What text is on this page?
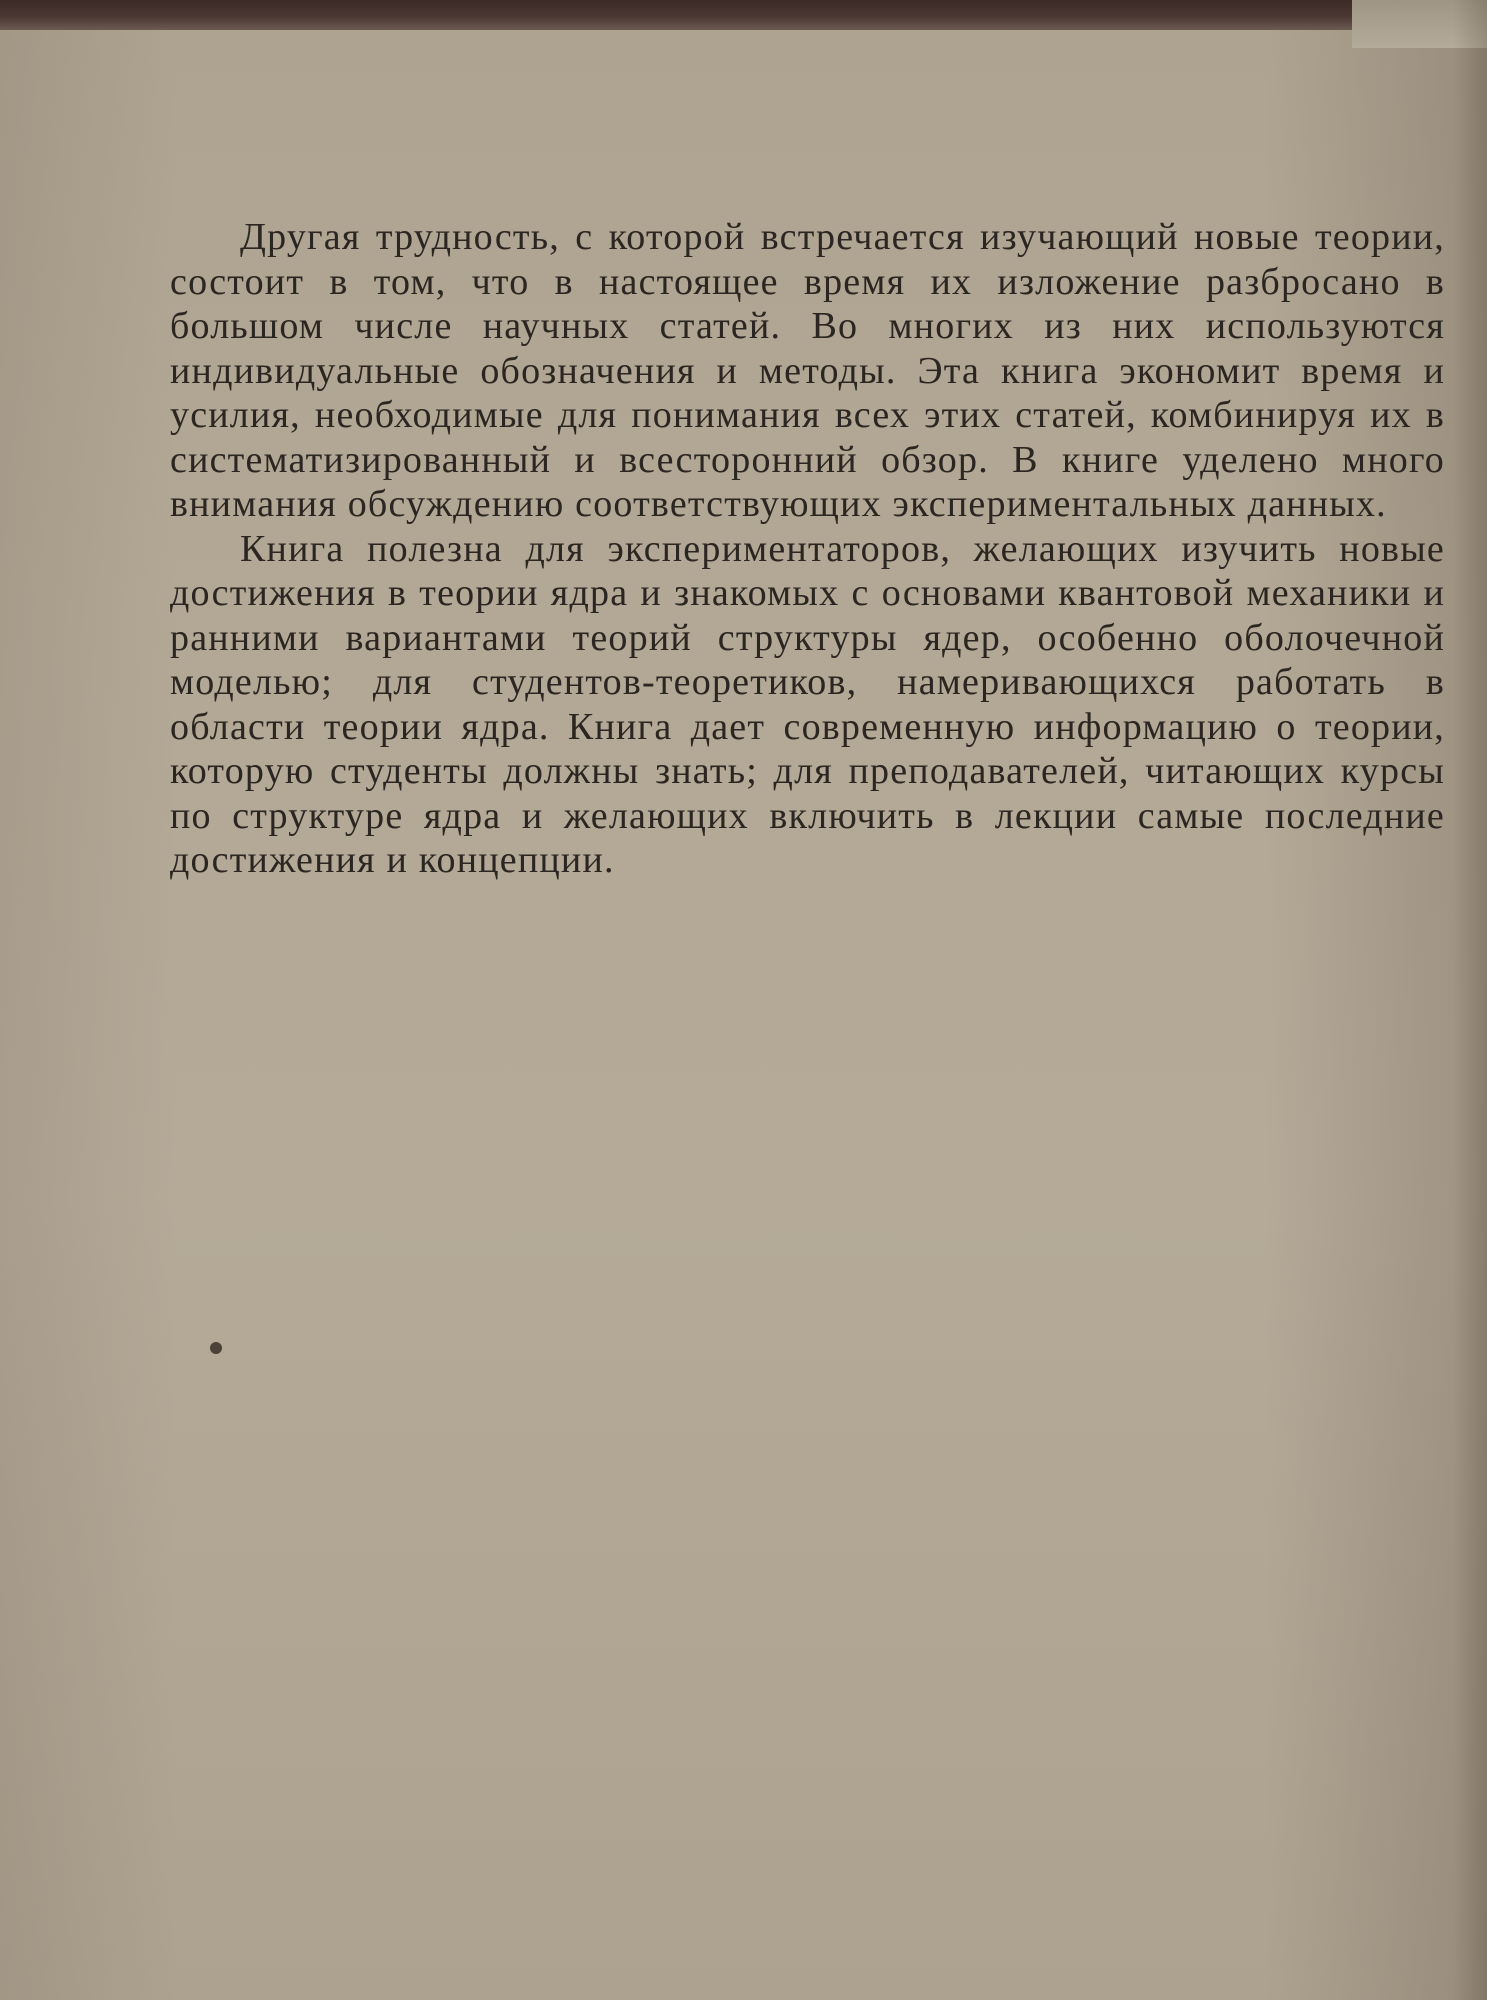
Другая трудность, с которой встречается изучающий новые теории, состоит в том, что в настоящее время их изложение разбросано в большом числе научных статей. Во многих из них используются индивидуальные обозначения и методы. Эта книга экономит время и усилия, необходимые для понимания всех этих статей, комбинируя их в систематизированный и всесторонний обзор. В книге уделено много внимания обсуждению соответствующих экспериментальных данных.

Книга полезна для экспериментаторов, желающих изучить новые достижения в теории ядра и знакомых с основами квантовой механики и ранними вариантами теорий структуры ядер, особенно оболочечной моделью; для студентов-теоретиков, намеривающихся работать в области теории ядра. Книга дает современную информацию о теории, которую студенты должны знать; для преподавателей, читающих курсы по структуре ядра и желающих включить в лекции самые последние достижения и концепции.
